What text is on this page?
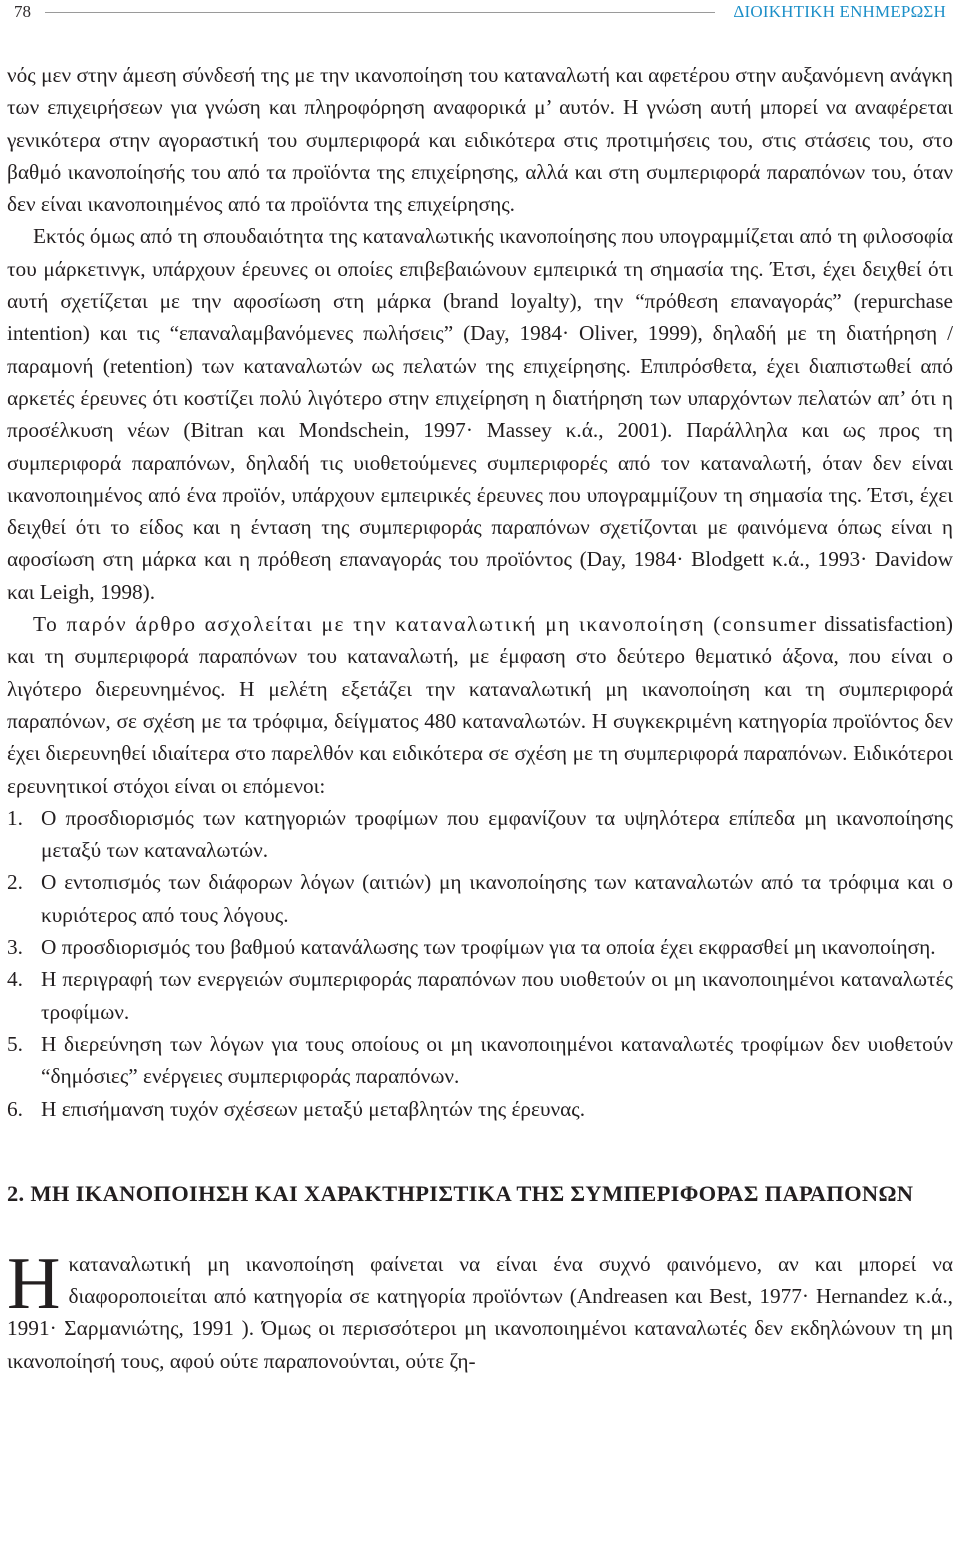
78	ΔΙΟΙΚΗΤΙΚΗ ΕΝΗΜΕΡΩΣΗ

νός μεν στην άμεση σύνδεσή της με την ικανοποίηση του καταναλωτή και αφετέρου στην αυξανόμενη ανάγκη των επιχειρήσεων για γνώση και πληροφόρηση αναφορικά μ’ αυτόν. Η γνώση αυτή μπορεί να αναφέρεται γενικότερα στην αγοραστική του συμπεριφορά και ειδικότερα στις προτιμήσεις του, στις στάσεις του, στο βαθμό ικανοποίησής του από τα προϊόντα της επιχείρησης, αλλά και στη συμπεριφορά παραπόνων του, όταν δεν είναι ικανοποιημένος από τα προϊόντα της επιχείρησης.

Εκτός όμως από τη σπουδαιότητα της καταναλωτικής ικανοποίησης που υπογραμμίζεται από τη φιλοσοφία του μάρκετινγκ, υπάρχουν έρευνες οι οποίες επιβεβαιώνουν εμπειρικά τη σημασία της. Έτσι, έχει δειχθεί ότι αυτή σχετίζεται με την αφοσίωση στη μάρκα (brand loyalty), την “πρόθεση επαναγοράς” (repurchase intention) και τις “επαναλαμβανόμενες πωλήσεις” (Day, 1984· Oliver, 1999), δηλαδή με τη διατήρηση / παραμονή (retention) των καταναλωτών ως πελατών της επιχείρησης. Επιπρόσθετα, έχει διαπιστωθεί από αρκετές έρευνες ότι κοστίζει πολύ λιγότερο στην επιχείρηση η διατήρηση των υπαρχόντων πελατών απ’ ότι η προσέλκυση νέων (Bitran και Mondschein, 1997· Massey κ.ά., 2001). Παράλληλα και ως προς τη συμπεριφορά παραπόνων, δηλαδή τις υιοθετούμενες συμπεριφορές από τον καταναλωτή, όταν δεν είναι ικανοποιημένος από ένα προϊόν, υπάρχουν εμπειρικές έρευνες που υπογραμμίζουν τη σημασία της. Έτσι, έχει δειχθεί ότι το είδος και η ένταση της συμπεριφοράς παραπόνων σχετίζονται με φαινόμενα όπως είναι η αφοσίωση στη μάρκα και η πρόθεση επαναγοράς του προϊόντος (Day, 1984· Blodgett κ.ά., 1993· Davidow και Leigh, 1998).

Το παρόν άρθρο ασχολείται με την καταναλωτική μη ικανοποίηση (consumer dissatisfaction) και τη συμπεριφορά παραπόνων του καταναλωτή, με έμφαση στο δεύτερο θεματικό άξονα, που είναι ο λιγότερο διερευνημένος. Η μελέτη εξετάζει την καταναλωτική μη ικανοποίηση και τη συμπεριφορά παραπόνων, σε σχέση με τα τρόφιμα, δείγματος 480 καταναλωτών. Η συγκεκριμένη κατηγορία προϊόντος δεν έχει διερευνηθεί ιδιαίτερα στο παρελθόν και ειδικότερα σε σχέση με τη συμπεριφορά παραπόνων. Ειδικότεροι ερευνητικοί στόχοι είναι οι επόμενοι:

1. Ο προσδιορισμός των κατηγοριών τροφίμων που εμφανίζουν τα υψηλότερα επίπεδα μη ικανοποίησης μεταξύ των καταναλωτών.
2. Ο εντοπισμός των διάφορων λόγων (αιτιών) μη ικανοποίησης των καταναλωτών από τα τρόφιμα και ο κυριότερος από τους λόγους.
3. Ο προσδιορισμός του βαθμού κατανάλωσης των τροφίμων για τα οποία έχει εκφρασθεί μη ικανοποίηση.
4. Η περιγραφή των ενεργειών συμπεριφοράς παραπόνων που υιοθετούν οι μη ικανοποιημένοι καταναλωτές τροφίμων.
5. Η διερεύνηση των λόγων για τους οποίους οι μη ικανοποιημένοι καταναλωτές τροφίμων δεν υιοθετούν “δημόσιες” ενέργειες συμπεριφοράς παραπόνων.
6. Η επισήμανση τυχόν σχέσεων μεταξύ μεταβλητών της έρευνας.
2. ΜΗ ΙΚΑΝΟΠΟΙΗΣΗ ΚΑΙ ΧΑΡΑΚΤΗΡΙΣΤΙΚΑ ΤΗΣ ΣΥΜΠΕΡΙΦΟΡΑΣ ΠΑΡΑΠΟΝΩΝ

Ηκαταναλωτική μη ικανοποίηση φαίνεται να είναι ένα συχνό φαινόμενο, αν και μπορεί να διαφοροποιείται από κατηγορία σε κατηγορία προϊόντων (Andreasen και Best, 1977· Hernandez κ.ά., 1991· Σαρμανιώτης, 1991 ). Όμως οι περισσότεροι μη ικανοποιημένοι καταναλωτές δεν εκδηλώνουν τη μη ικανοποίησή τους, αφού ούτε παραπονούνται, ούτε ζη-
